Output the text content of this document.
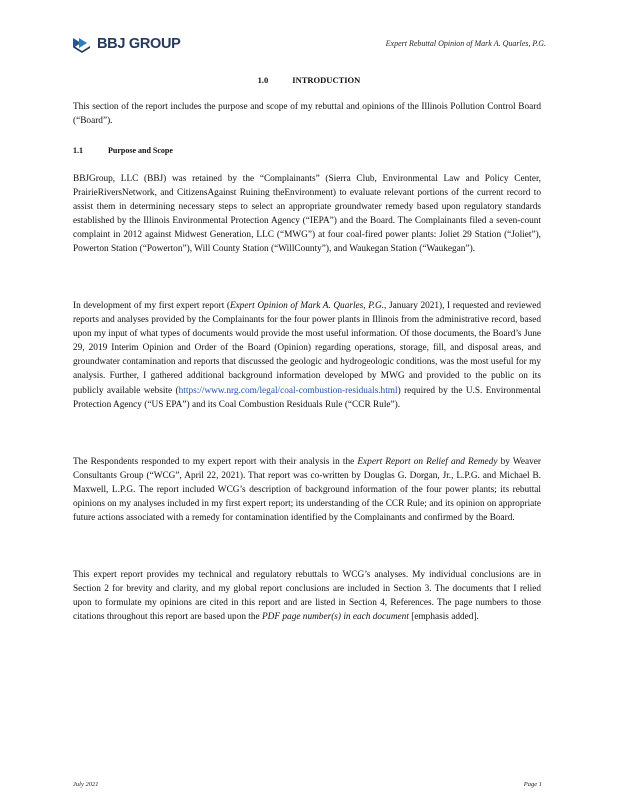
BBJ GROUP	Expert Rebuttal Opinion of Mark A. Quarles, P.G.
1.0	INTRODUCTION

This section of the report includes the purpose and scope of my rebuttal and opinions of the Illinois Pollution Control Board (“Board”).

1.1	Purpose and Scope

BBJGroup, LLC (BBJ) was retained by the “Complainants” (Sierra Club, Environmental Law and Policy Center, PrairieRiversNetwork, and CitizensAgainst Ruining theEnvironment) to evaluate relevant portions of the current record to assist them in determining necessary steps to select an appropriate groundwater remedy based upon regulatory standards established by the Illinois Environmental Protection Agency (“IEPA”) and the Board. The Complainants filed a seven-count complaint in 2012 against Midwest Generation, LLC (“MWG”) at four coal-fired power plants: Joliet 29 Station (“Joliet”), Powerton Station (“Powerton”), Will County Station (“WillCounty”), and Waukegan Station (“Waukegan”).

In development of my first expert report (Expert Opinion of Mark A. Quarles, P.G., January 2021), I requested and reviewed reports and analyses provided by the Complainants for the four power plants in Illinois from the administrative record, based upon my input of what types of documents would provide the most useful information. Of those documents, the Board’s June 29, 2019 Interim Opinion and Order of the Board (Opinion) regarding operations, storage, fill, and disposal areas, and groundwater contamination and reports that discussed the geologic and hydrogeologic conditions, was the most useful for my analysis. Further, I gathered additional background information developed by MWG and provided to the public on its publicly available website (https://www.nrg.com/legal/coal-combustion-residuals.html) required by the U.S. Environmental Protection Agency (“US EPA”) and its Coal Combustion Residuals Rule (“CCR Rule”).

The Respondents responded to my expert report with their analysis in the Expert Report on Relief and Remedy by Weaver Consultants Group (“WCG”, April 22, 2021). That report was co-written by Douglas G. Dorgan, Jr., L.P.G. and Michael B. Maxwell, L.P.G. The report included WCG’s description of background information of the four power plants; its rebuttal opinions on my analyses included in my first expert report; its understanding of the CCR Rule; and its opinion on appropriate future actions associated with a remedy for contamination identified by the Complainants and confirmed by the Board.

This expert report provides my technical and regulatory rebuttals to WCG’s analyses. My individual conclusions are in Section 2 for brevity and clarity, and my global report conclusions are included in Section 3. The documents that I relied upon to formulate my opinions are cited in this report and are listed in Section 4, References. The page numbers to those citations throughout this report are based upon the PDF page number(s) in each document [emphasis added].

July 2021	Page 1
